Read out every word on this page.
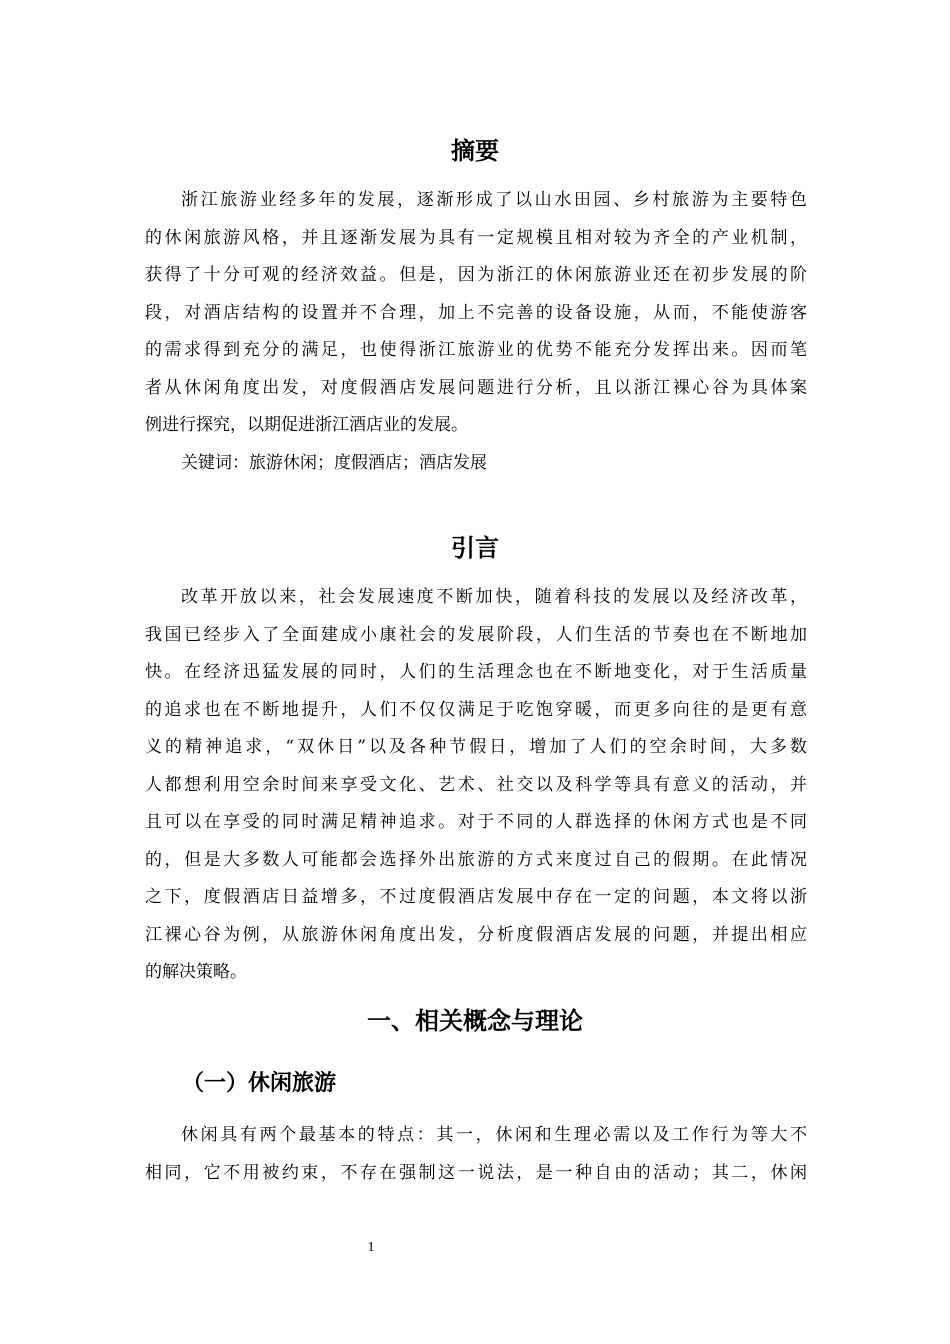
摘要
浙江旅游业经多年的发展，逐渐形成了以山水田园、乡村旅游为主要特色
的休闲旅游风格，并且逐渐发展为具有一定规模且相对较为齐全的产业机制，
获得了十分可观的经济效益。但是，因为浙江的休闲旅游业还在初步发展的阶
段，对酒店结构的设置并不合理，加上不完善的设备设施，从而，不能使游客
的需求得到充分的满足，也使得浙江旅游业的优势不能充分发挥出来。因而笔
者从休闲角度出发，对度假酒店发展问题进行分析，且以浙江裸心谷为具体案
例进行探究，以期促进浙江酒店业的发展。

关键词：旅游休闲；度假酒店；酒店发展

引言
改革开放以来，社会发展速度不断加快，随着科技的发展以及经济改革，
我国已经步入了全面建成小康社会的发展阶段，人们生活的节奏也在不断地加
快。在经济迅猛发展的同时，人们的生活理念也在不断地变化，对于生活质量
的追求也在不断地提升，人们不仅仅满足于吃饱穿暖，而更多向往的是更有意
义的精神追求，“双休日”以及各种节假日，增加了人们的空余时间，大多数
人都想利用空余时间来享受文化、艺术、社交以及科学等具有意义的活动，并
且可以在享受的同时满足精神追求。对于不同的人群选择的休闲方式也是不同
的，但是大多数人可能都会选择外出旅游的方式来度过自己的假期。在此情况
之下，度假酒店日益增多，不过度假酒店发展中存在一定的问题，本文将以浙
江裸心谷为例，从旅游休闲角度出发，分析度假酒店发展的问题，并提出相应
的解决策略。
一、相关概念与理论
（一）休闲旅游
休闲具有两个最基本的特点：其一，休闲和生理必需以及工作行为等大不
相同，它不用被约束，不存在强制这一说法，是一种自由的活动；其二，休闲

1
